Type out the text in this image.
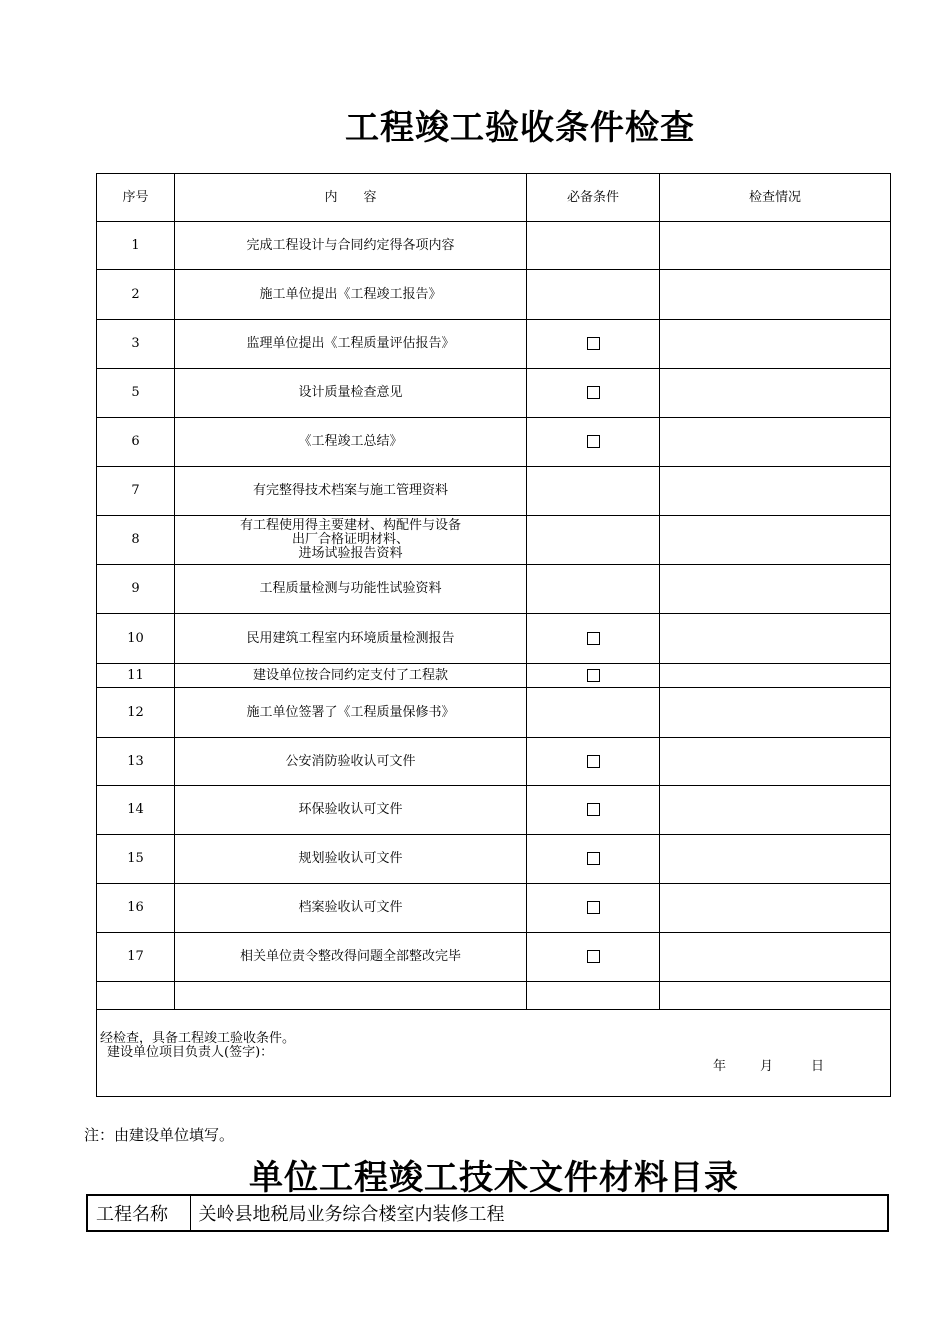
工程竣工验收条件检查
序号	内　　容	必备条件	检查情况
1	完成工程设计与合同约定得各项内容		
2	施工单位提出《工程竣工报告》		
3	监理单位提出《工程质量评估报告》		
5	设计质量检查意见		
6	《工程竣工总结》		
7	有完整得技术档案与施工管理资料		
8	有工程使用得主要建材、构配件与设备
出厂合格证明材料、
进场试验报告资料		

9	工程质量检测与功能性试验资料		
10	民用建筑工程室内环境质量检测报告		
11	建设单位按合同约定支付了工程款		
12	施工单位签署了《工程质量保修书》		
13	公安消防验收认可文件		
14	环保验收认可文件		
15	规划验收认可文件		
16	档案验收认可文件		
17	相关单位责令整改得问题全部整改完毕		

经检查，具备工程竣工验收条件。
建设单位项目负责人(签字)：
年 月 日			
注：由建设单位填写。
单位工程竣工技术文件材料目录
工程名称	关岭县地税局业务综合楼室内装修工程
